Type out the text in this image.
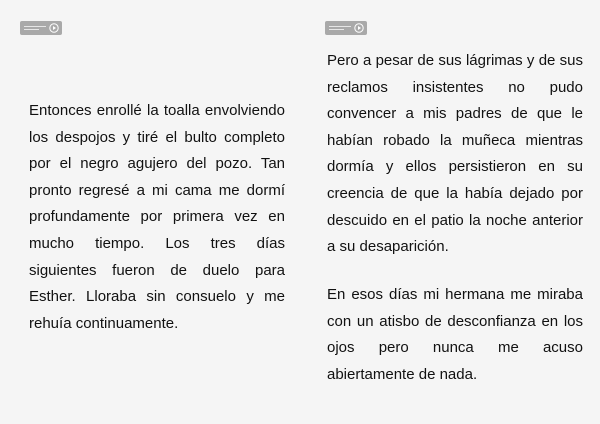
Entonces enrollé la toalla envolviendo los despojos y tiré el bulto completo por el negro agujero del pozo. Tan pronto regresé a mi cama me dormí profundamente por primera vez en mucho tiempo. Los tres días siguientes fueron de duelo para Esther. Lloraba sin consuelo y me rehuía continuamente.

Pero a pesar de sus lágrimas y de sus reclamos insistentes no pudo convencer a mis padres de que le habían robado la muñeca mientras dormía y ellos persistieron en su creencia de que la había dejado por descuido en el patio la noche anterior a su desaparición.

En esos días mi hermana me miraba con un atisbo de desconfianza en los ojos pero nunca me acuso abiertamente de nada.
